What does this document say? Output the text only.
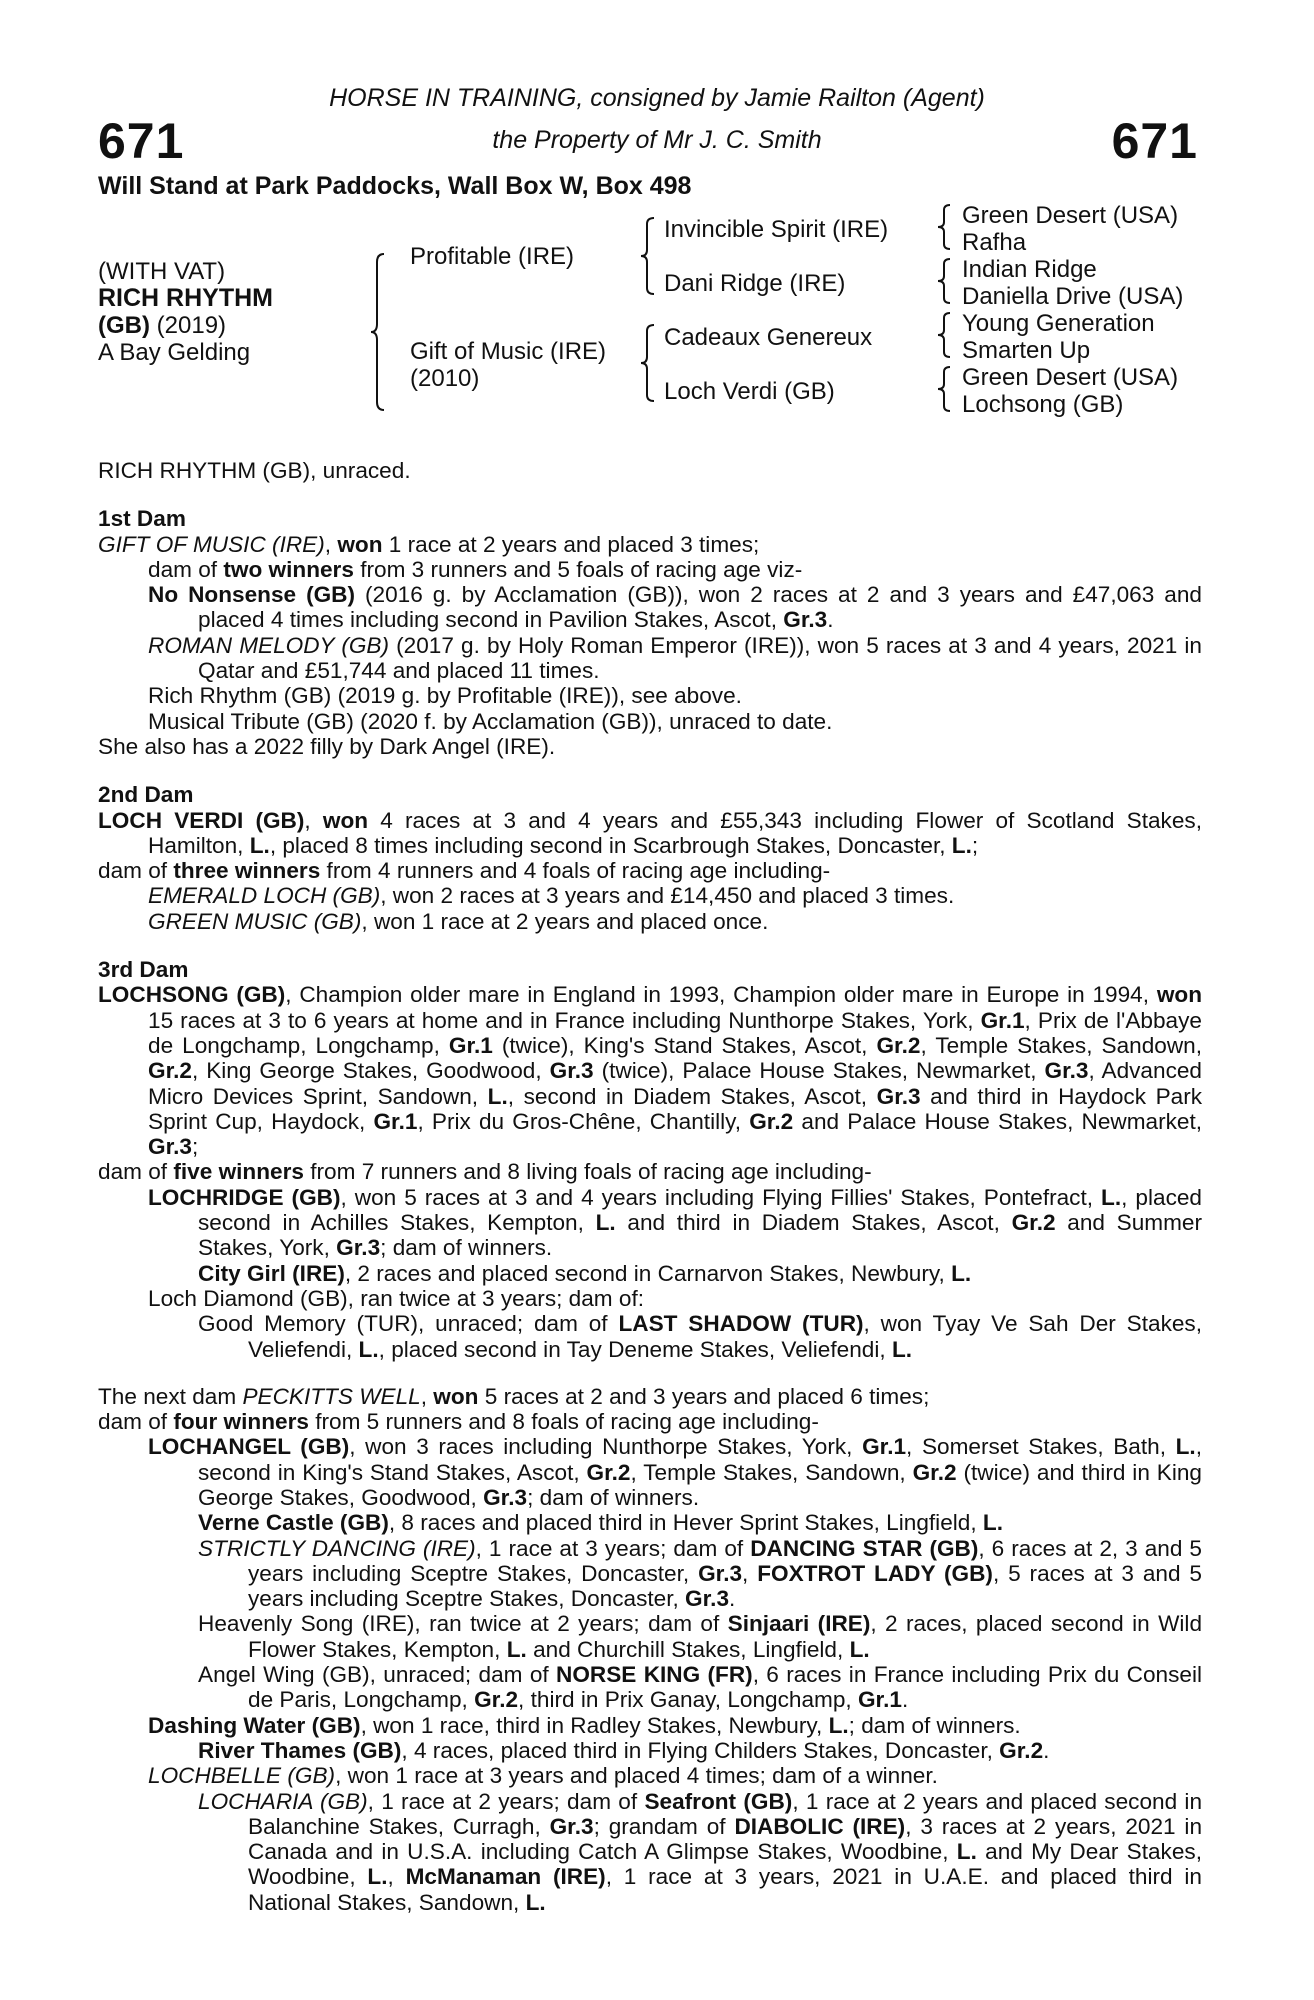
671	671
HORSE IN TRAINING, consigned by Jamie Railton (Agent)
the Property of Mr J. C. Smith
Will Stand at Park Paddocks, Wall Box W, Box 498
(WITH VAT)
RICH RHYTHM
(GB) (2019)
A Bay Gelding
Profitable (IRE)
Gift of Music (IRE)
(2010)
Invincible Spirit (IRE)
Dani Ridge (IRE)
Cadeaux Genereux
Loch Verdi (GB)
Green Desert (USA)
Rafha
Indian Ridge
Daniella Drive (USA)
Young Generation
Smarten Up
Green Desert (USA)
Lochsong (GB)

RICH RHYTHM (GB), unraced.

1st Dam

GIFT OF MUSIC (IRE), won 1 race at 2 years and placed 3 times;
dam of two winners from 3 runners and 5 foals of racing age viz-

No Nonsense (GB) (2016 g. by Acclamation (GB)), won 2 races at 2 and 3 years and £47,063 and placed 4 times including second in Pavilion Stakes, Ascot, Gr.3.

ROMAN MELODY (GB) (2017 g. by Holy Roman Emperor (IRE)), won 5 races at 3 and 4 years, 2021 in Qatar and £51,744 and placed 11 times.

Rich Rhythm (GB) (2019 g. by Profitable (IRE)), see above.

Musical Tribute (GB) (2020 f. by Acclamation (GB)), unraced to date.

She also has a 2022 filly by Dark Angel (IRE).

2nd Dam

LOCH VERDI (GB), won 4 races at 3 and 4 years and £55,343 including Flower of Scotland Stakes, Hamilton, L., placed 8 times including second in Scarbrough Stakes, Doncaster, L.;

dam of three winners from 4 runners and 4 foals of racing age including-

EMERALD LOCH (GB), won 2 races at 3 years and £14,450 and placed 3 times.

GREEN MUSIC (GB), won 1 race at 2 years and placed once.

3rd Dam

LOCHSONG (GB), Champion older mare in England in 1993, Champion older mare in Europe in 1994, won 15 races at 3 to 6 years at home and in France including Nunthorpe Stakes, York, Gr.1, Prix de l'Abbaye de Longchamp, Longchamp, Gr.1 (twice), King's Stand Stakes, Ascot, Gr.2, Temple Stakes, Sandown, Gr.2, King George Stakes, Goodwood, Gr.3 (twice), Palace House Stakes, Newmarket, Gr.3, Advanced Micro Devices Sprint, Sandown, L., second in Diadem Stakes, Ascot, Gr.3 and third in Haydock Park Sprint Cup, Haydock, Gr.1, Prix du Gros-Chêne, Chantilly, Gr.2 and Palace House Stakes, Newmarket, Gr.3;

dam of five winners from 7 runners and 8 living foals of racing age including-

LOCHRIDGE (GB), won 5 races at 3 and 4 years including Flying Fillies' Stakes, Pontefract, L., placed second in Achilles Stakes, Kempton, L. and third in Diadem Stakes, Ascot, Gr.2 and Summer Stakes, York, Gr.3; dam of winners.

City Girl (IRE), 2 races and placed second in Carnarvon Stakes, Newbury, L.

Loch Diamond (GB), ran twice at 3 years; dam of:

Good Memory (TUR), unraced; dam of LAST SHADOW (TUR), won Tyay Ve Sah Der Stakes, Veliefendi, L., placed second in Tay Deneme Stakes, Veliefendi, L.

The next dam PECKITTS WELL, won 5 races at 2 and 3 years and placed 6 times;
dam of four winners from 5 runners and 8 foals of racing age including-

LOCHANGEL (GB), won 3 races including Nunthorpe Stakes, York, Gr.1, Somerset Stakes, Bath, L., second in King's Stand Stakes, Ascot, Gr.2, Temple Stakes, Sandown, Gr.2 (twice) and third in King George Stakes, Goodwood, Gr.3; dam of winners.

Verne Castle (GB), 8 races and placed third in Hever Sprint Stakes, Lingfield, L.

STRICTLY DANCING (IRE), 1 race at 3 years; dam of DANCING STAR (GB), 6 races at 2, 3 and 5 years including Sceptre Stakes, Doncaster, Gr.3, FOXTROT LADY (GB), 5 races at 3 and 5 years including Sceptre Stakes, Doncaster, Gr.3.

Heavenly Song (IRE), ran twice at 2 years; dam of Sinjaari (IRE), 2 races, placed second in Wild Flower Stakes, Kempton, L. and Churchill Stakes, Lingfield, L.

Angel Wing (GB), unraced; dam of NORSE KING (FR), 6 races in France including Prix du Conseil de Paris, Longchamp, Gr.2, third in Prix Ganay, Longchamp, Gr.1.

Dashing Water (GB), won 1 race, third in Radley Stakes, Newbury, L.; dam of winners.

River Thames (GB), 4 races, placed third in Flying Childers Stakes, Doncaster, Gr.2.

LOCHBELLE (GB), won 1 race at 3 years and placed 4 times; dam of a winner.

LOCHARIA (GB), 1 race at 2 years; dam of Seafront (GB), 1 race at 2 years and placed second in Balanchine Stakes, Curragh, Gr.3; grandam of DIABOLIC (IRE), 3 races at 2 years, 2021 in Canada and in U.S.A. including Catch A Glimpse Stakes, Woodbine, L. and My Dear Stakes, Woodbine, L., McManaman (IRE), 1 race at 3 years, 2021 in U.A.E. and placed third in National Stakes, Sandown, L.
